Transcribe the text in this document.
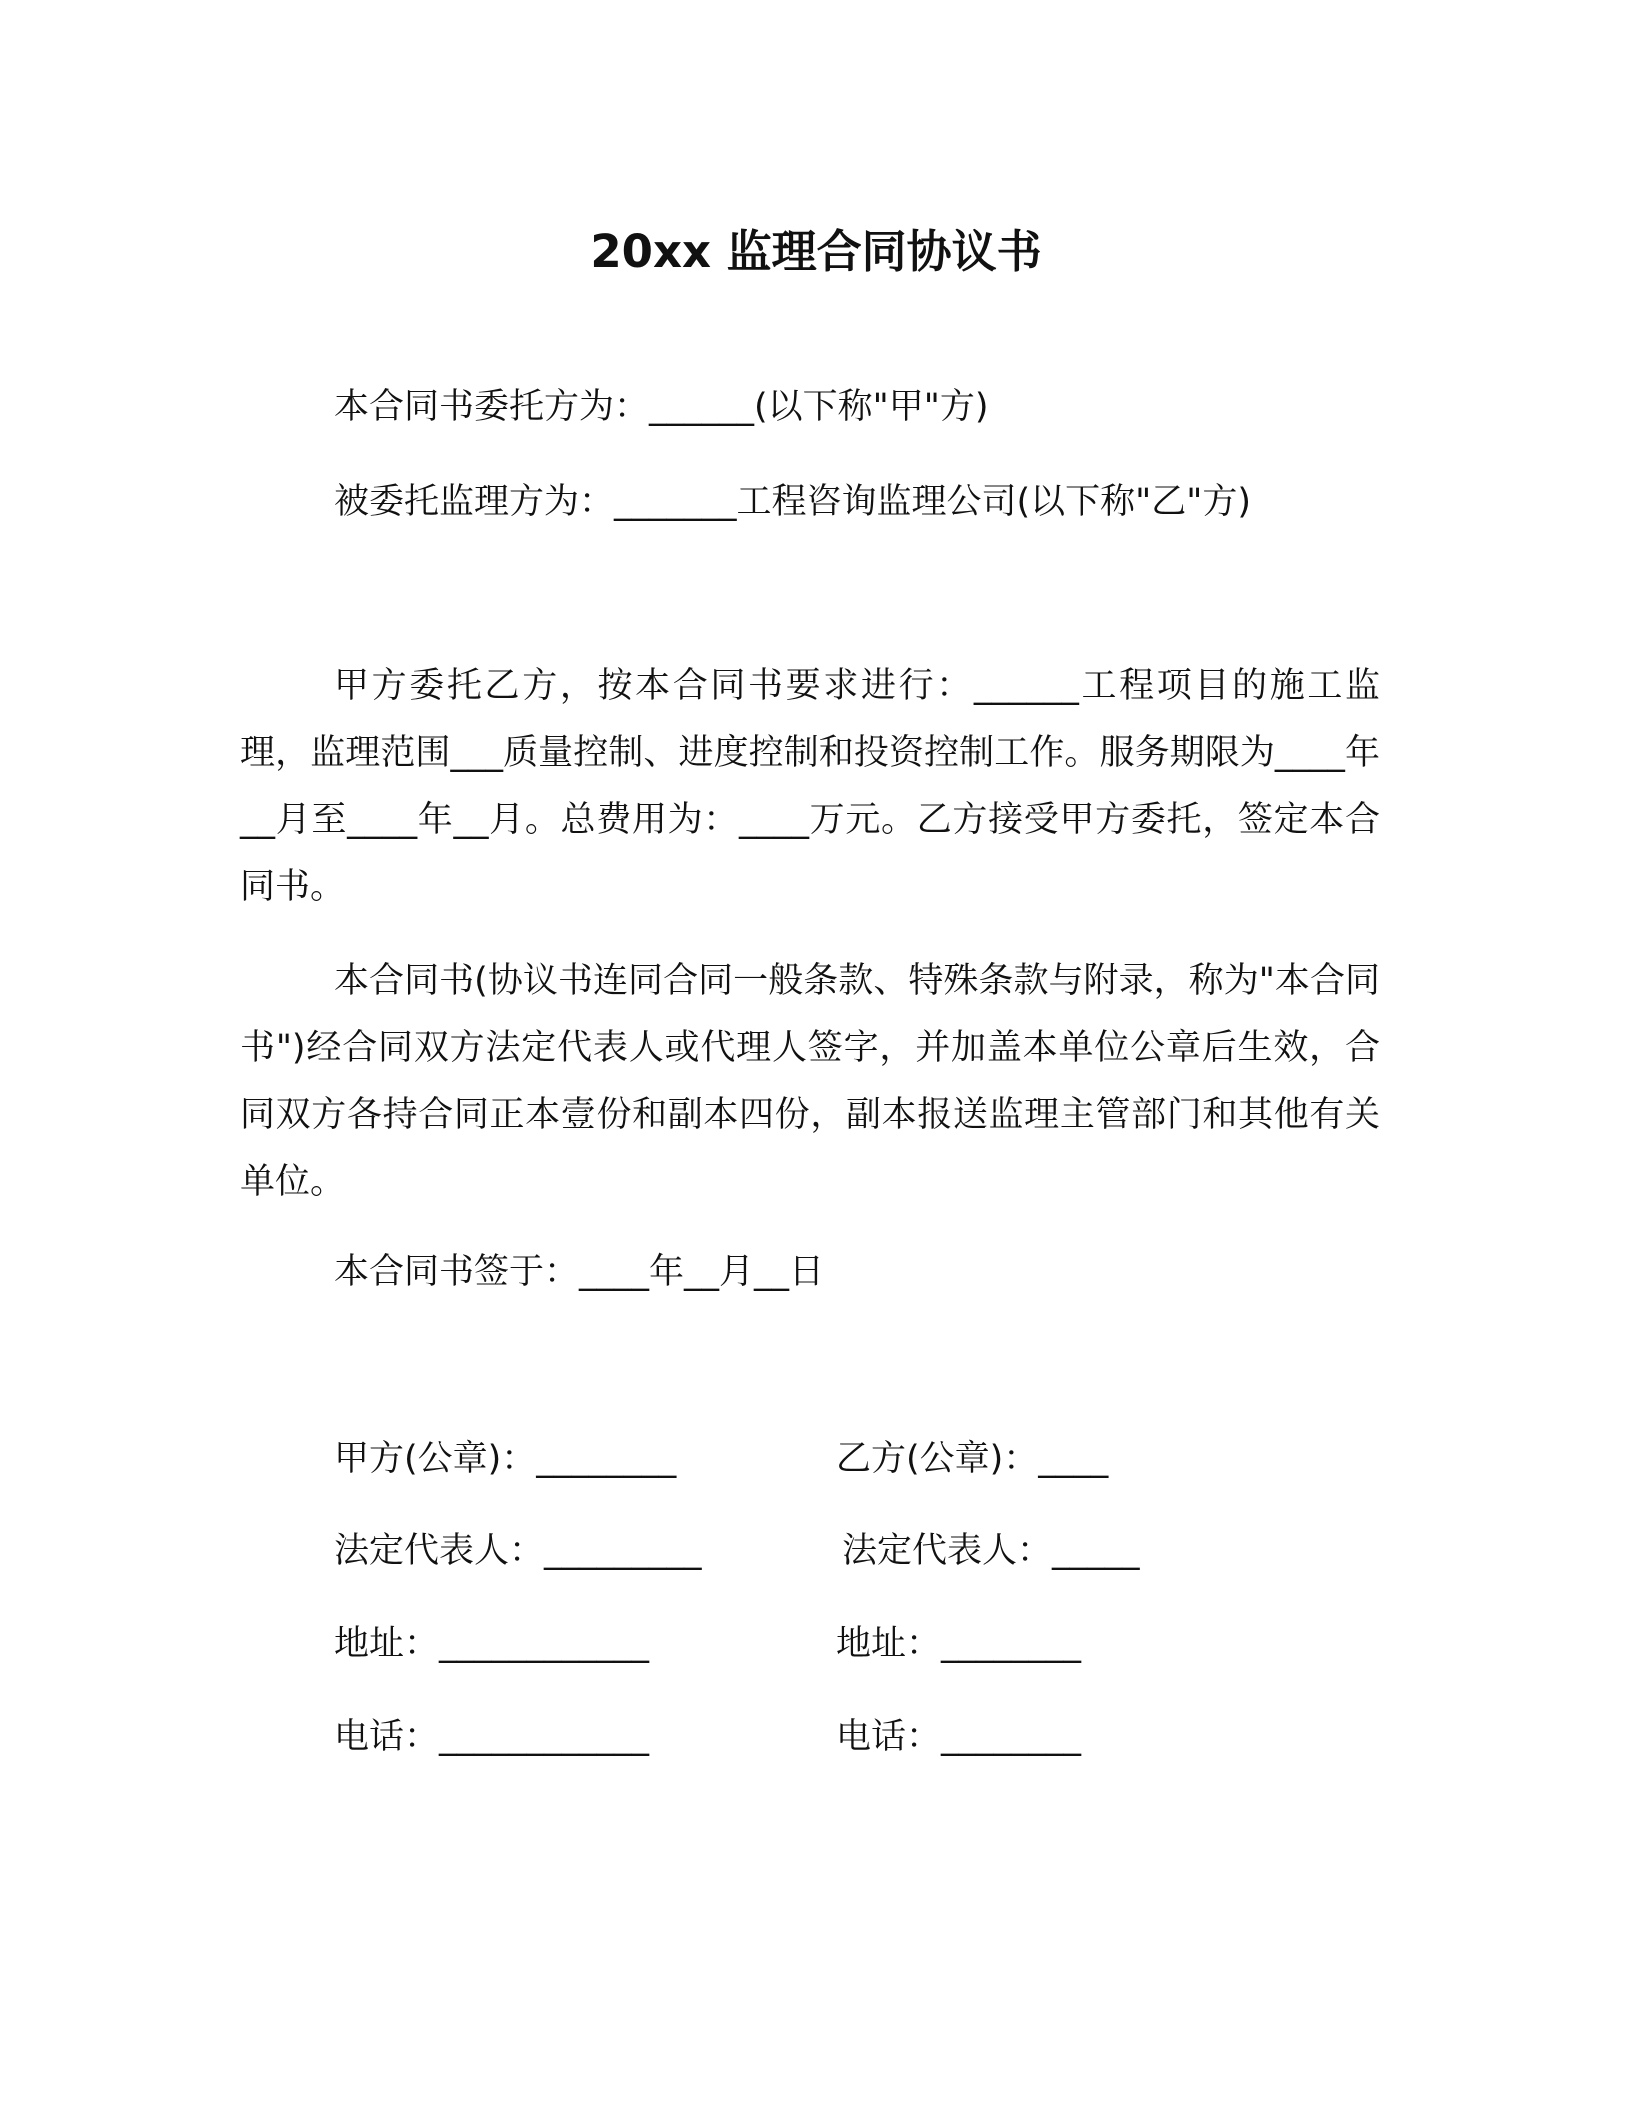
20xx 监理合同协议书
本合同书委托方为：______(以下称"甲"方)
被委托监理方为：_______工程咨询监理公司(以下称"乙"方)

甲方委托乙方，按本合同书要求进行：______工程项目的施工监理，监理范围___质量控制、进度控制和投资控制工作。服务期限为____年__月至____年__月。总费用为：____万元。乙方接受甲方委托，签定本合同书。

本合同书(协议书连同合同一般条款、特殊条款与附录，称为"本合同书")经合同双方法定代表人或代理人签字，并加盖本单位公章后生效，合同双方各持合同正本壹份和副本四份，副本报送监理主管部门和其他有关单位。

本合同书签于：____年__月__日
甲方(公章)：________	乙方(公章)：____
法定代表人：_________	法定代表人：_____
地址：____________	地址：________
电话：____________	电话：________
